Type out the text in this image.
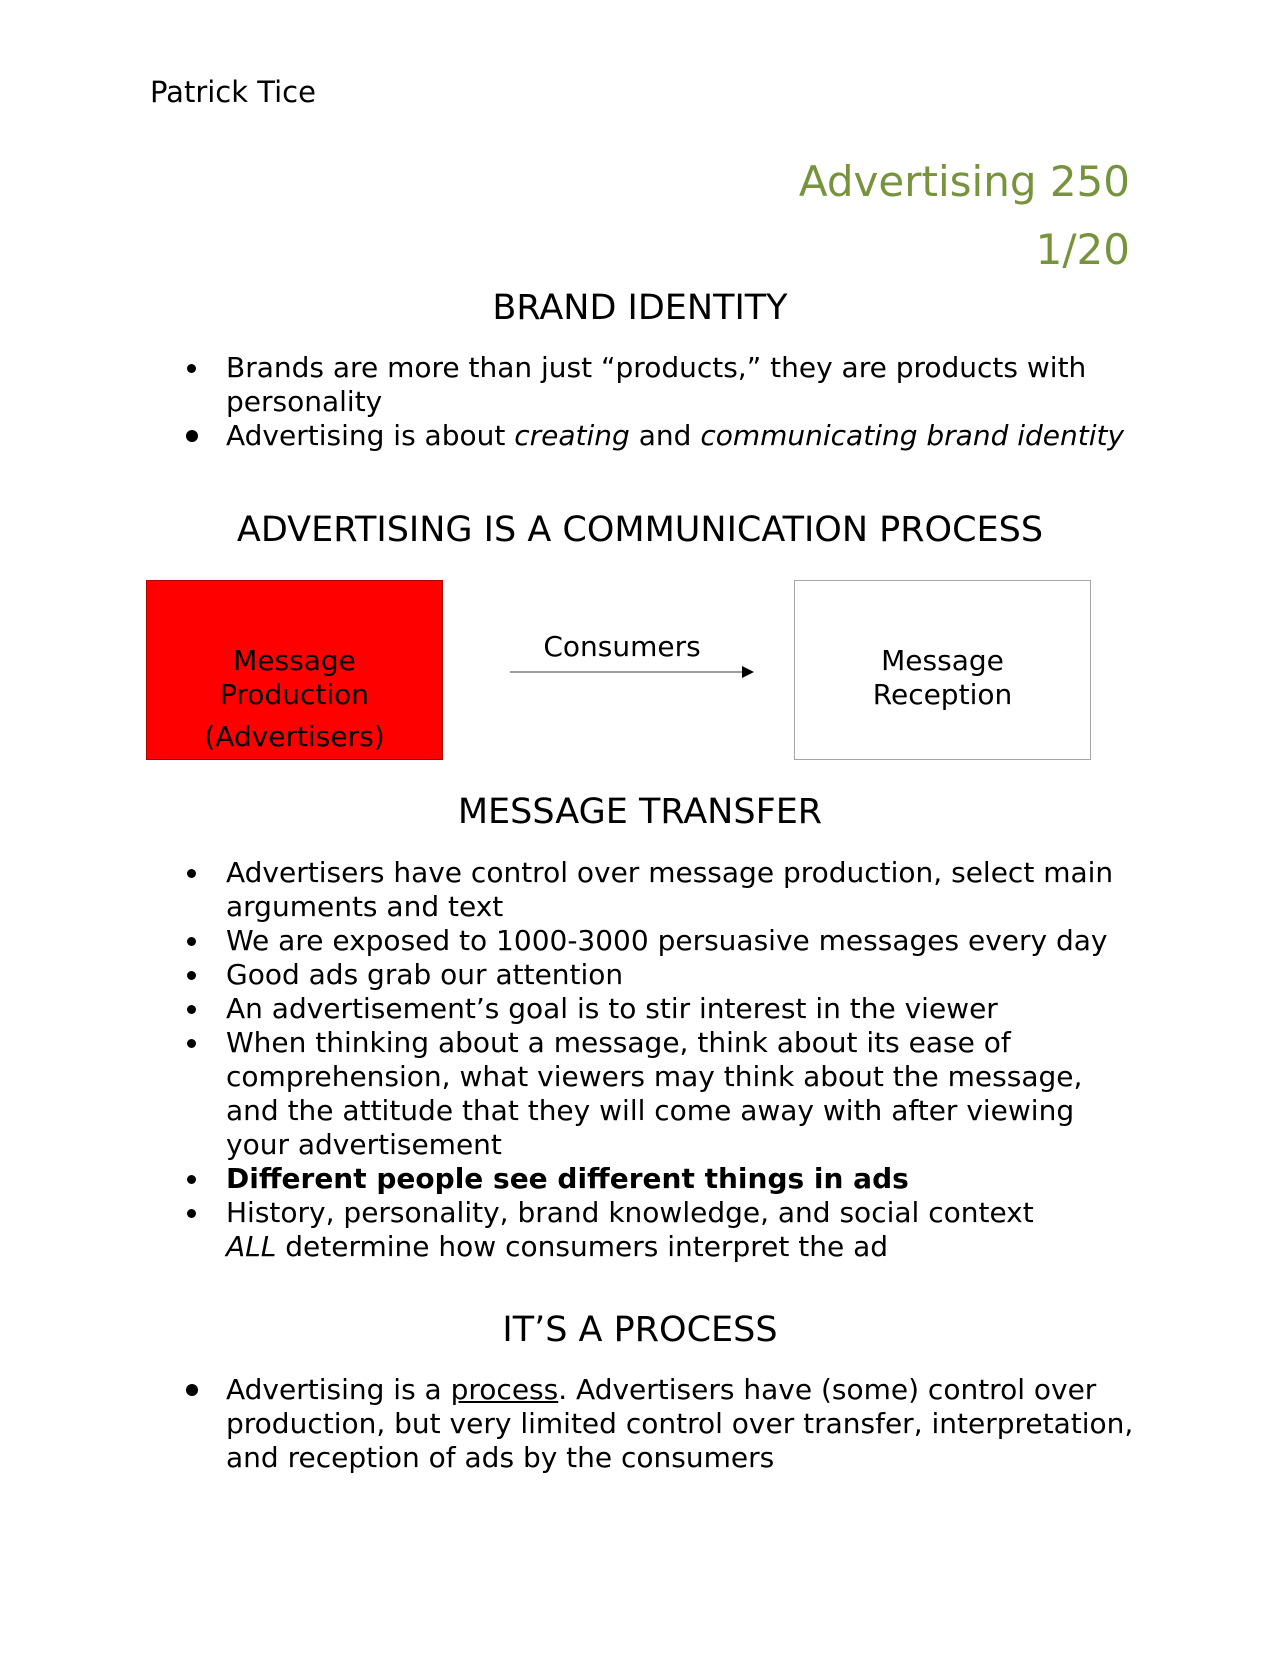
Patrick Tice
Advertising 250
1/20
BRAND IDENTITY
Brands are more than just “products,” they are products with personality
Advertising is about creating and communicating brand identity
ADVERTISING IS A COMMUNICATION PROCESS
Message
Production
(Advertisers)
Consumers	Message
Reception
MESSAGE TRANSFER
Advertisers have control over message production, select main arguments and text
We are exposed to 1000-3000 persuasive messages every day
Good ads grab our attention
An advertisement’s goal is to stir interest in the viewer
When thinking about a message, think about its ease of comprehension, what viewers may think about the message, and the attitude that they will come away with after viewing your advertisement
Different people see different things in ads
History, personality, brand knowledge, and social context
ALL determine how consumers interpret the ad
IT’S A PROCESS
Advertising is a process. Advertisers have (some) control over production, but very limited control over transfer, interpretation, and reception of ads by the consumers
